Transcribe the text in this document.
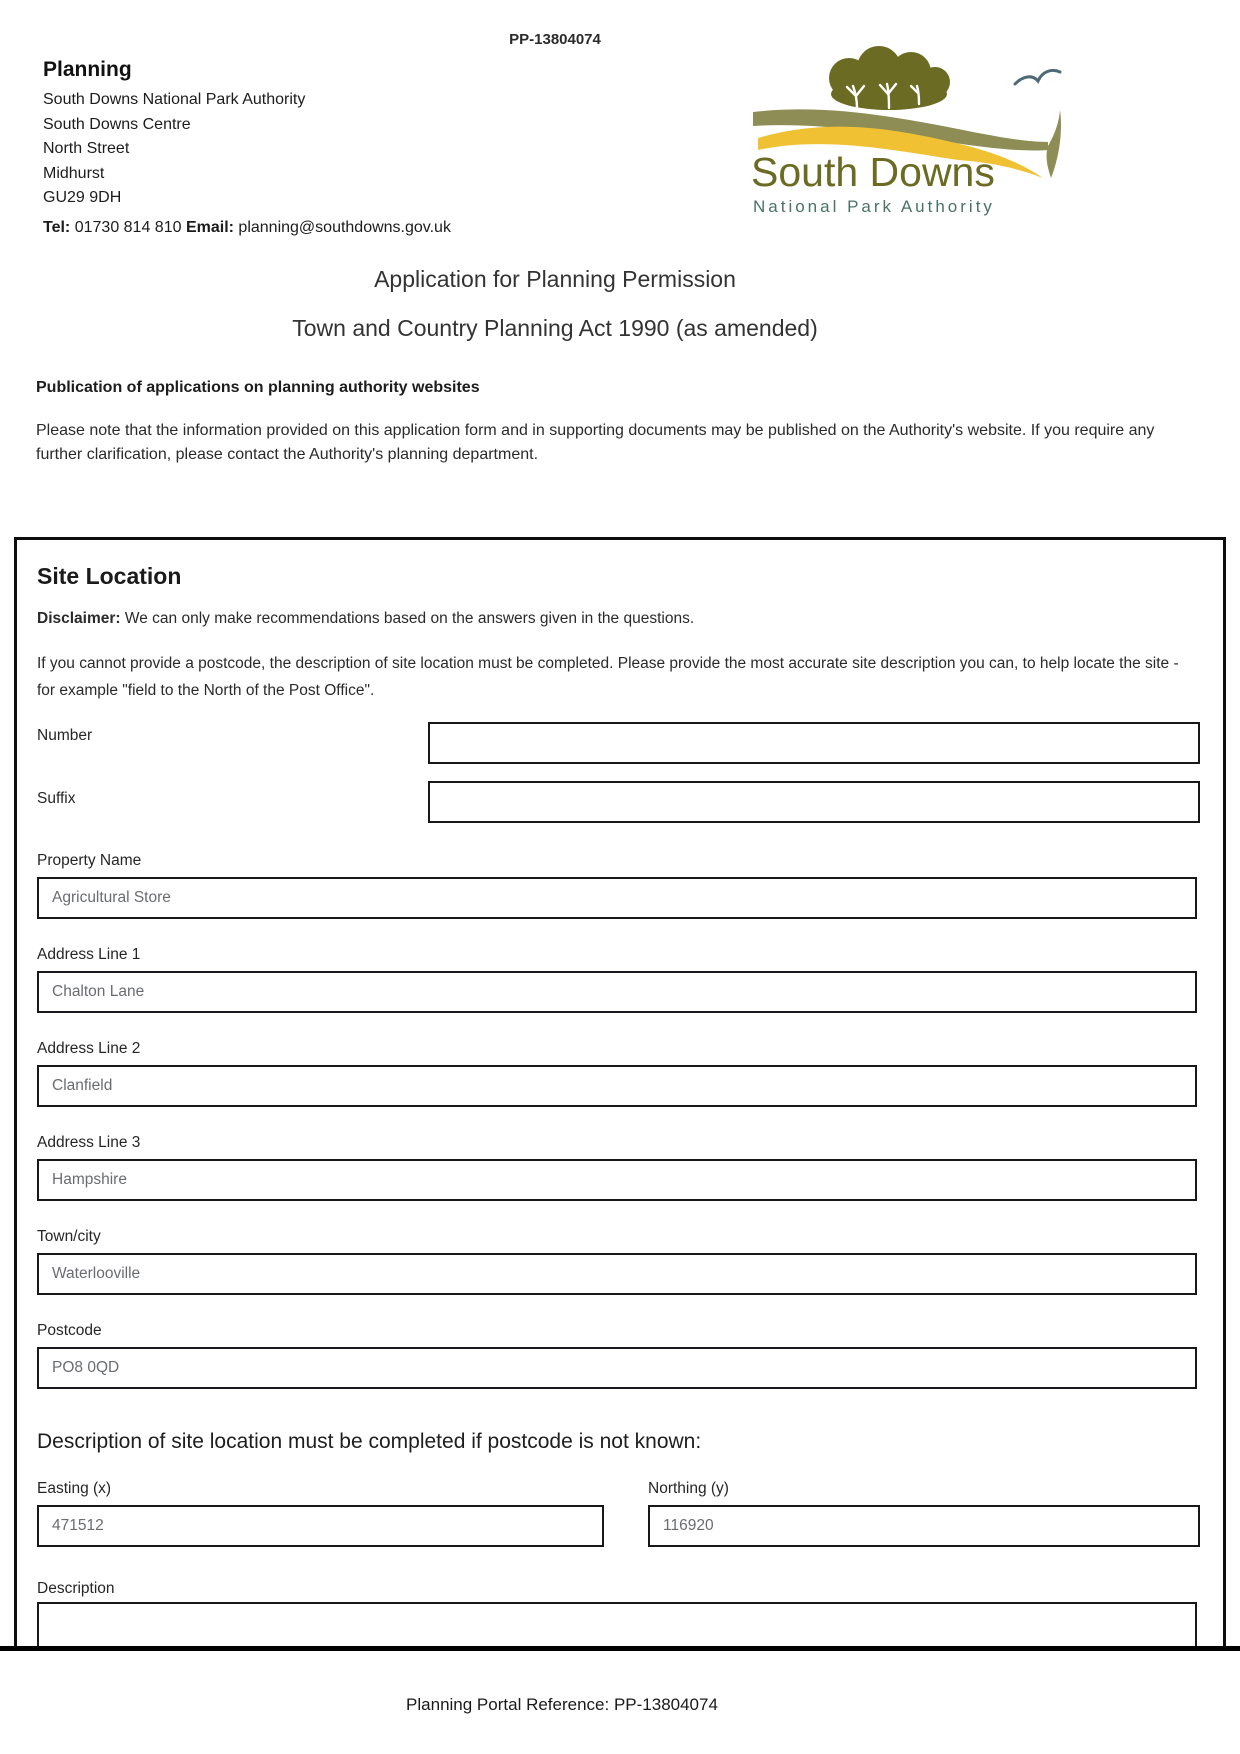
PP-13804074
Planning
South Downs National Park Authority
South Downs Centre
North Street
Midhurst
GU29 9DH
Tel: 01730 814 810 Email: planning@southdowns.gov.uk
South Downs
National Park Authority
Application for Planning Permission
Town and Country Planning Act 1990 (as amended)
Publication of applications on planning authority websites
Please note that the information provided on this application form and in supporting documents may be published on the Authority's website. If you require any further clarification, please contact the Authority's planning department.
Site Location
Disclaimer: We can only make recommendations based on the answers given in the questions.
If you cannot provide a postcode, the description of site location must be completed. Please provide the most accurate site description you can, to help locate the site - for example "field to the North of the Post Office".
Number
Suffix
Property Name
Agricultural Store
Address Line 1
Chalton Lane
Address Line 2
Clanfield
Address Line 3
Hampshire
Town/city
Waterlooville
Postcode
PO8 0QD
Description of site location must be completed if postcode is not known:
Easting (x)
471512	Northing (y)
116920
Description
Planning Portal Reference: PP-13804074
